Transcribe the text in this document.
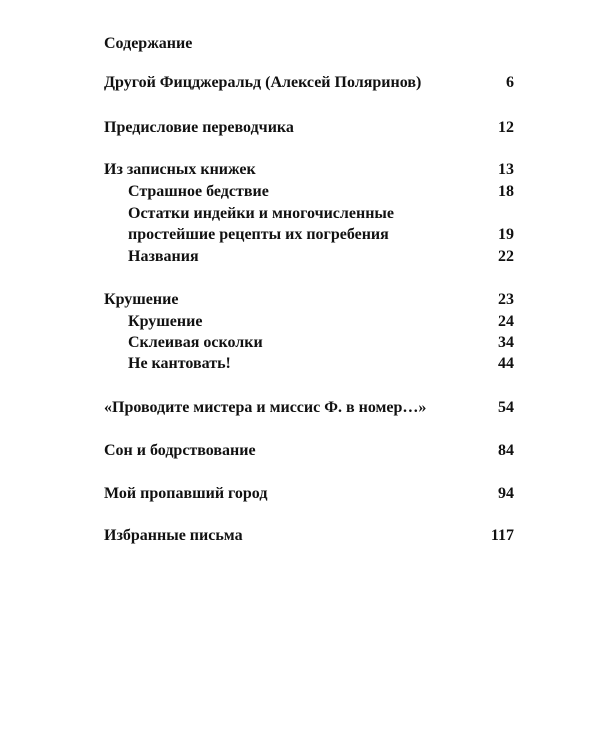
Содержание
Другой Фицджеральд (Алексей Поляринов)	6
Предисловие переводчика	12
Из записных книжек	13
Страшное бедствие	18
Остатки индейки и многочисленные простейшие рецепты их погребения	19
Названия	22
Крушение	23
Крушение	24
Склеивая осколки	34
Не кантовать!	44
«Проводите мистера и миссис Ф. в номер…»	54
Сон и бодрствование	84
Мой пропавший город	94
Избранные письма	117
